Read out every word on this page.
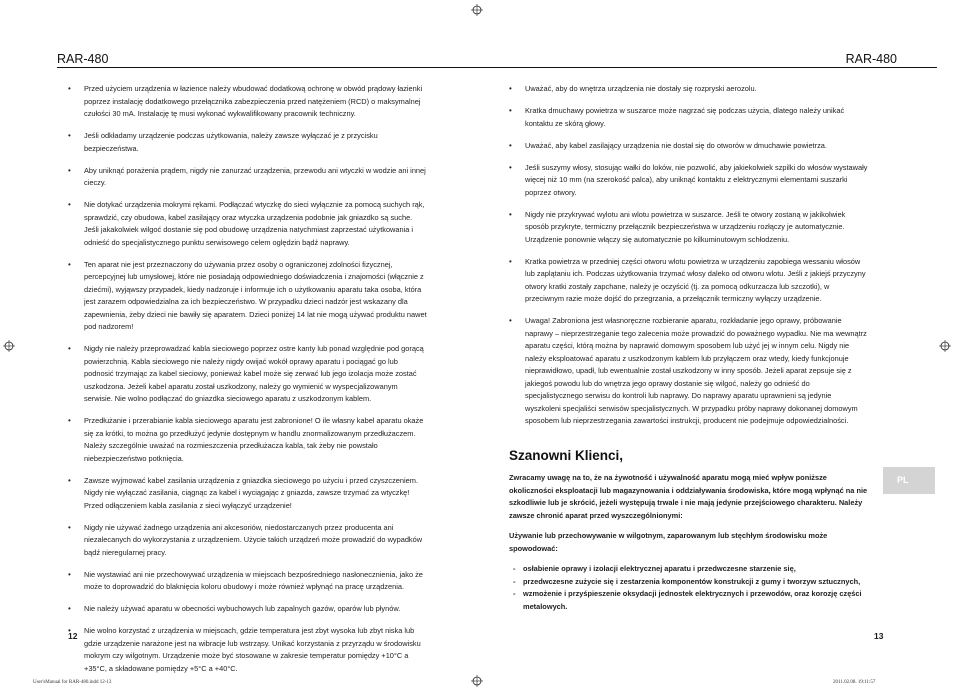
RAR-480
• Przed użyciem urządzenia w łazience należy wbudować dodatkową ochronę w obwód prądowy łazienki poprzez instalację dodatkowego przełącznika zabezpieczenia przed natężeniem (RCD) o maksymalnej czułości 30 mA. Instalację tę musi wykonać wykwalifikowany pracownik techniczny.
• Jeśli odkładamy urządzenie podczas użytkowania, należy zawsze wyłączać je z przycisku bezpieczeństwa.
• Aby uniknąć porażenia prądem, nigdy nie zanurzać urządzenia, przewodu ani wtyczki w wodzie ani innej cieczy.
• Nie dotykać urządzenia mokrymi rękami. Podłączać wtyczkę do sieci wyłącznie za pomocą suchych rąk, sprawdzić, czy obudowa, kabel zasilający oraz wtyczka urządzenia podobnie jak gniazdko są suche. Jeśli jakakolwiek wilgoć dostanie się pod obudowę urządzenia natychmiast zaprzestać użytkowania i odnieść do specjalistycznego punktu serwisowego celem oględzin bądź naprawy.
• Ten aparat nie jest przeznaczony do używania przez osoby o ograniczonej zdolności fizycznej, percepcyjnej lub umysłowej, które nie posiadają odpowiedniego doświadczenia i znajomości (włącznie z dziećmi), wyjąwszy przypadek, kiedy nadzoruje i informuje ich o użytkowaniu aparatu taka osoba, która jest zarazem odpowiedzialna za ich bezpieczeństwo. W przypadku dzieci nadzór jest wskazany dla zapewnienia, żeby dzieci nie bawiły się aparatem. Dzieci poniżej 14 lat nie mogą używać produktu nawet pod nadzorem!
• Nigdy nie należy przeprowadzać kabla sieciowego poprzez ostre kanty lub ponad względnie pod gorącą powierzchnią. Kabla sieciowego nie należy nigdy owijać wokół oprawy aparatu i pociągać go lub podnosić trzymając za kabel sieciowy, ponieważ kabel może się zerwać lub jego izolacja może zostać uszkodzona. Jeżeli kabel aparatu został uszkodzony, należy go wymienić w wyspecjalizowanym serwisie. Nie wolno podłączać do gniazdka sieciowego aparatu z uszkodzonym kablem.
• Przedłużanie i przerabianie kabla sieciowego aparatu jest zabronione! O ile własny kabel aparatu okaże się za krótki, to można go przedłużyć jedynie dostępnym w handlu znormalizowanym przedłużaczem. Należy szczególnie uważać na rozmieszczenia przedłużacza kabla, tak żeby nie powstało niebezpieczeństwo potknięcia.
• Zawsze wyjmować kabel zasilania urządzenia z gniazdka sieciowego po użyciu i przed czyszczeniem. Nigdy nie wyłączać zasilania, ciągnąc za kabel i wyciągając z gniazda, zawsze trzymać za wtyczkę! Przed odłączeniem kabla zasilania z sieci wyłączyć urządzenie!
• Nigdy nie używać żadnego urządzenia ani akcesoriów, niedostarczanych przez producenta ani niezalecanych do wykorzystania z urządzeniem. Użycie takich urządzeń może prowadzić do wypadków bądź nieregularnej pracy.
• Nie wystawiać ani nie przechowywać urządzenia w miejscach bezpośredniego nasłonecznienia, jako że może to doprowadzić do blaknięcia koloru obudowy i może również wpłynąć na pracę urządzenia.
• Nie należy używać aparatu w obecności wybuchowych lub zapalnych gazów, oparów lub płynów.
• Nie wolno korzystać z urządzenia w miejscach, gdzie temperatura jest zbyt wysoka lub zbyt niska lub gdzie urządzenie narażone jest na wibracje lub wstrząsy. Unikać korzystania z przyrządu w środowisku mokrym czy wilgotnym. Urządzenie może być stosowane w zakresie temperatur pomiędzy +10°C a +35°C, a składowane pomiędzy +5°C a +40°C.
12
RAR-480
• Uważać, aby do wnętrza urządzenia nie dostały się rozpryski aerozolu.
• Kratka dmuchawy powietrza w suszarce może nagrzać się podczas użycia, dlatego należy unikać kontaktu ze skórą głowy.
• Uważać, aby kabel zasilający urządzenia nie dostał się do otworów w dmuchawie powietrza.
• Jeśli suszymy włosy, stosując wałki do loków, nie pozwolić, aby jakiekolwiek szpilki do włosów wystawały więcej niż 10 mm (na szerokość palca), aby uniknąć kontaktu z elektrycznymi elementami suszarki poprzez otwory.
• Nigdy nie przykrywać wylotu ani wlotu powietrza w suszarce. Jeśli te otwory zostaną w jakikolwiek sposób przykryte, termiczny przełącznik bezpieczeństwa w urządzeniu rozłączy je automatycznie. Urządzenie ponownie włączy się automatycznie po kilkuminutowym schłodzeniu.
• Kratka powietrza w przedniej części otworu wlotu powietrza w urządzeniu zapobiega wessaniu włosów lub zaplątaniu ich. Podczas użytkowania trzymać włosy daleko od otworu wlotu. Jeśli z jakiejś przyczyny otwory kratki zostały zapchane, należy je oczyścić (tj. za pomocą odkurzacza lub szczotki), w przeciwnym razie może dojść do przegrzania, a przełącznik termiczny wyłączy urządzenie.
• Uwaga! Zabroniona jest własnoręczne rozbieranie aparatu, rozkładanie jego oprawy, próbowanie naprawy – nieprzestrzeganie tego zalecenia może prowadzić do poważnego wypadku. Nie ma wewnątrz aparatu części, którą można by naprawić domowym sposobem lub użyć jej w innym celu. Nigdy nie należy eksploatować aparatu z uszkodzonym kablem lub przyłączem oraz wtedy, kiedy funkcjonuje nieprawidłowo, upadł, lub ewentualnie został uszkodzony w inny sposób. Jeżeli aparat zepsuje się z jakiegoś powodu lub do wnętrza jego oprawy dostanie się wilgoć, należy go odnieść do specjalistycznego serwisu do kontroli lub naprawy. Do naprawy aparatu uprawnieni są jedynie wyszkoleni specjaliści serwisów specjalistycznych. W przypadku próby naprawy dokonanej domowym sposobem lub nieprzestrzegania zawartości instrukcji, producent nie podejmuje odpowiedzialności.
Szanowni Klienci,

Zwracamy uwagę na to, że na żywotność i używalność aparatu mogą mieć wpływ poniższe okoliczności eksploatacji lub magazynowania i oddziaływania środowiska, które mogą wpłynąć na nie szkodliwie lub je skrócić, jeżeli występują trwale i nie mają jedynie przejściowego charakteru. Należy zawsze chronić aparat przed wyszczególnionymi:

Używanie lub przechowywanie w wilgotnym, zaparowanym lub stęchłym środowisku może spowodować:

- osłabienie oprawy i izolacji elektrycznej aparatu i przedwczesne starzenie się,
- przedwczesne zużycie się i zestarzenia komponentów konstrukcji z gumy i tworzyw sztucznych,
- wzmożenie i przyśpieszenie oksydacji jednostek elektrycznych i przewodów, oraz korozję części metalowych.
13
PL
User'sManual for RAR-480.indd 12-13	2011.02.08. 19:11:57
